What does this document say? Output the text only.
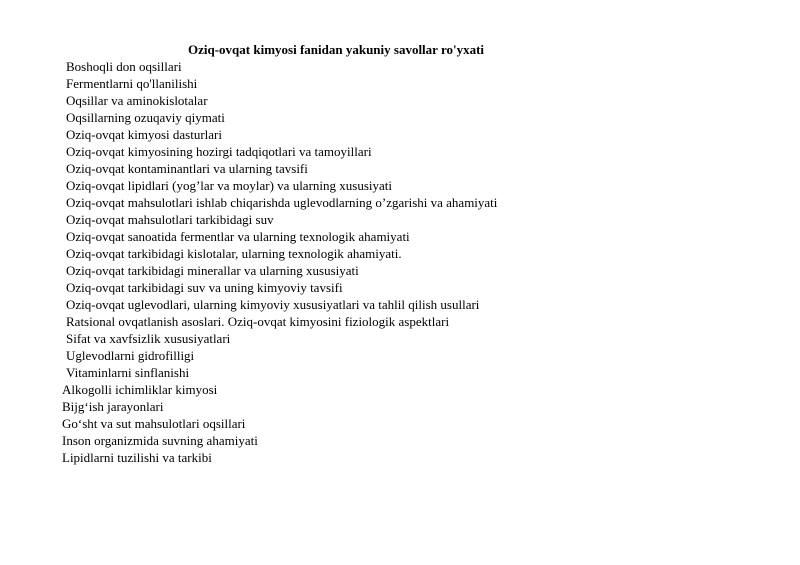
Oziq-ovqat kimyosi fanidan yakuniy savollar ro'yxati
Boshoqli don oqsillari
Fermentlarni qo'llanilishi
Oqsillar va aminokislotalar
Oqsillarning ozuqaviy qiymati
Oziq-ovqat kimyosi dasturlari
Oziq-ovqat kimyosining hozirgi tadqiqotlari va tamoyillari
Oziq-ovqat kontaminantlari va ularning tavsifi
Oziq-ovqat lipidlari (yog’lar va moylar) va ularning xususiyati
Oziq-ovqat mahsulotlari ishlab chiqarishda uglevodlarning o’zgarishi va ahamiyati
Oziq-ovqat mahsulotlari tarkibidagi suv
Oziq-ovqat sanoatida fermentlar va ularning texnologik ahamiyati
Oziq-ovqat tarkibidagi kislotalar, ularning texnologik ahamiyati.
Oziq-ovqat tarkibidagi minerallar va ularning xususiyati
Oziq-ovqat tarkibidagi suv va uning kimyoviy tavsifi
Oziq-ovqat uglevodlari, ularning kimyoviy xususiyatlari va tahlil qilish usullari
Ratsional ovqatlanish asoslari. Oziq-ovqat kimyosini fiziologik aspektlari
Sifat va xavfsizlik xususiyatlari
Uglevodlarni gidrofilligi
Vitaminlarni sinflanishi
Alkogolli ichimliklar kimyosi
Bijg‘ish jarayonlari
Go‘sht va sut mahsulotlari oqsillari
Inson organizmida suvning ahamiyati
Lipidlarni tuzilishi va tarkibi
